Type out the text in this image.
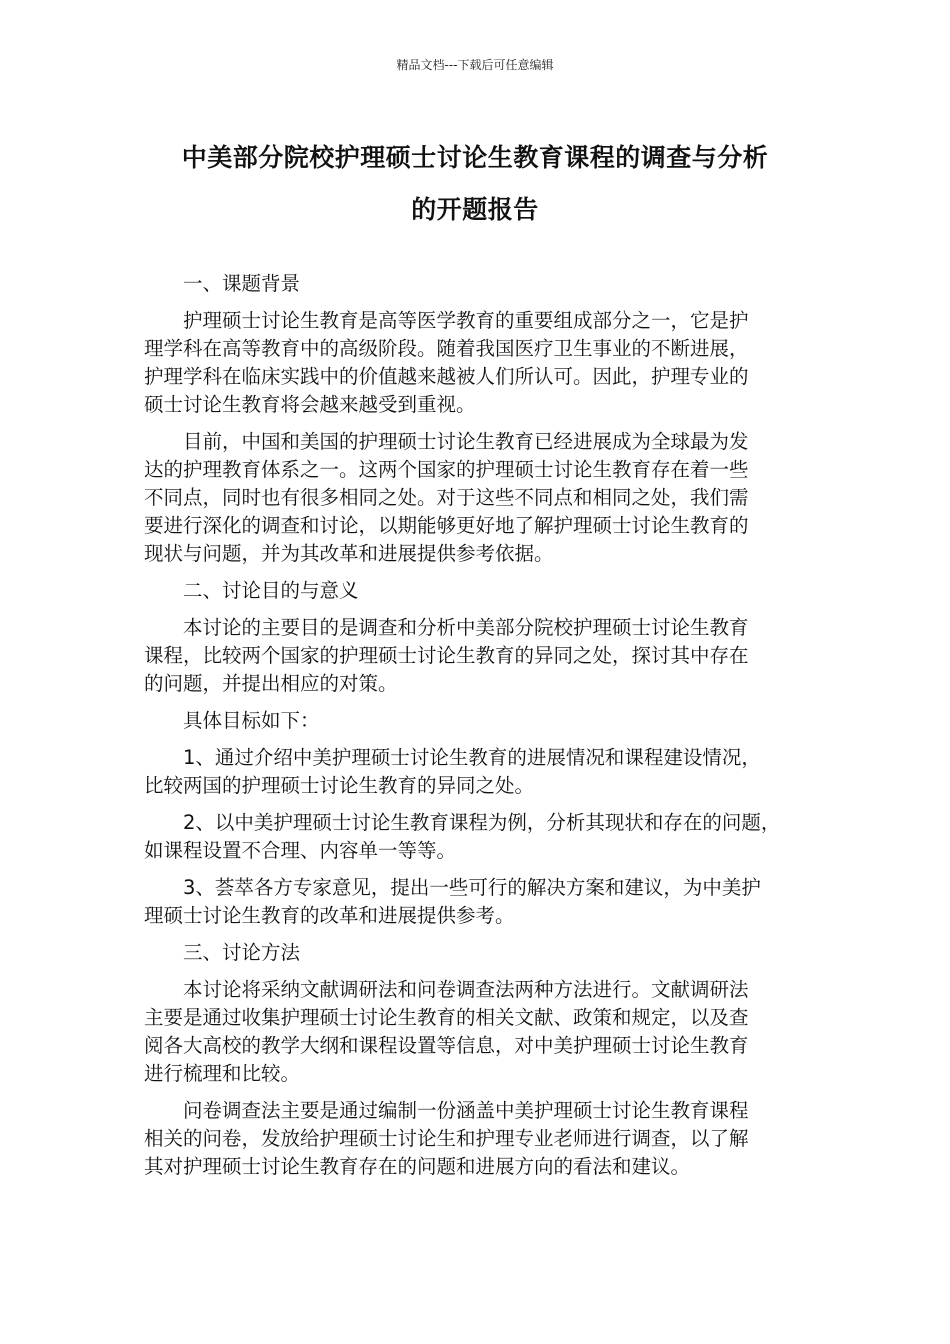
精品文档---下载后可任意编辑
中美部分院校护理硕士讨论生教育课程的调查与分析
的开题报告

一、课题背景

护理硕士讨论生教育是高等医学教育的重要组成部分之一，它是护
理学科在高等教育中的高级阶段。随着我国医疗卫生事业的不断进展，
护理学科在临床实践中的价值越来越被人们所认可。因此，护理专业的
硕士讨论生教育将会越来越受到重视。

目前，中国和美国的护理硕士讨论生教育已经进展成为全球最为发
达的护理教育体系之一。这两个国家的护理硕士讨论生教育存在着一些
不同点，同时也有很多相同之处。对于这些不同点和相同之处，我们需
要进行深化的调查和讨论，以期能够更好地了解护理硕士讨论生教育的
现状与问题，并为其改革和进展提供参考依据。

二、讨论目的与意义

本讨论的主要目的是调查和分析中美部分院校护理硕士讨论生教育
课程，比较两个国家的护理硕士讨论生教育的异同之处，探讨其中存在
的问题，并提出相应的对策。

具体目标如下：

1、通过介绍中美护理硕士讨论生教育的进展情况和课程建设情况，
比较两国的护理硕士讨论生教育的异同之处。

2、以中美护理硕士讨论生教育课程为例，分析其现状和存在的问题，
如课程设置不合理、内容单一等等。

3、荟萃各方专家意见，提出一些可行的解决方案和建议，为中美护
理硕士讨论生教育的改革和进展提供参考。

三、讨论方法

本讨论将采纳文献调研法和问卷调查法两种方法进行。文献调研法
主要是通过收集护理硕士讨论生教育的相关文献、政策和规定，以及查
阅各大高校的教学大纲和课程设置等信息，对中美护理硕士讨论生教育
进行梳理和比较。

问卷调查法主要是通过编制一份涵盖中美护理硕士讨论生教育课程
相关的问卷，发放给护理硕士讨论生和护理专业老师进行调查，以了解
其对护理硕士讨论生教育存在的问题和进展方向的看法和建议。
